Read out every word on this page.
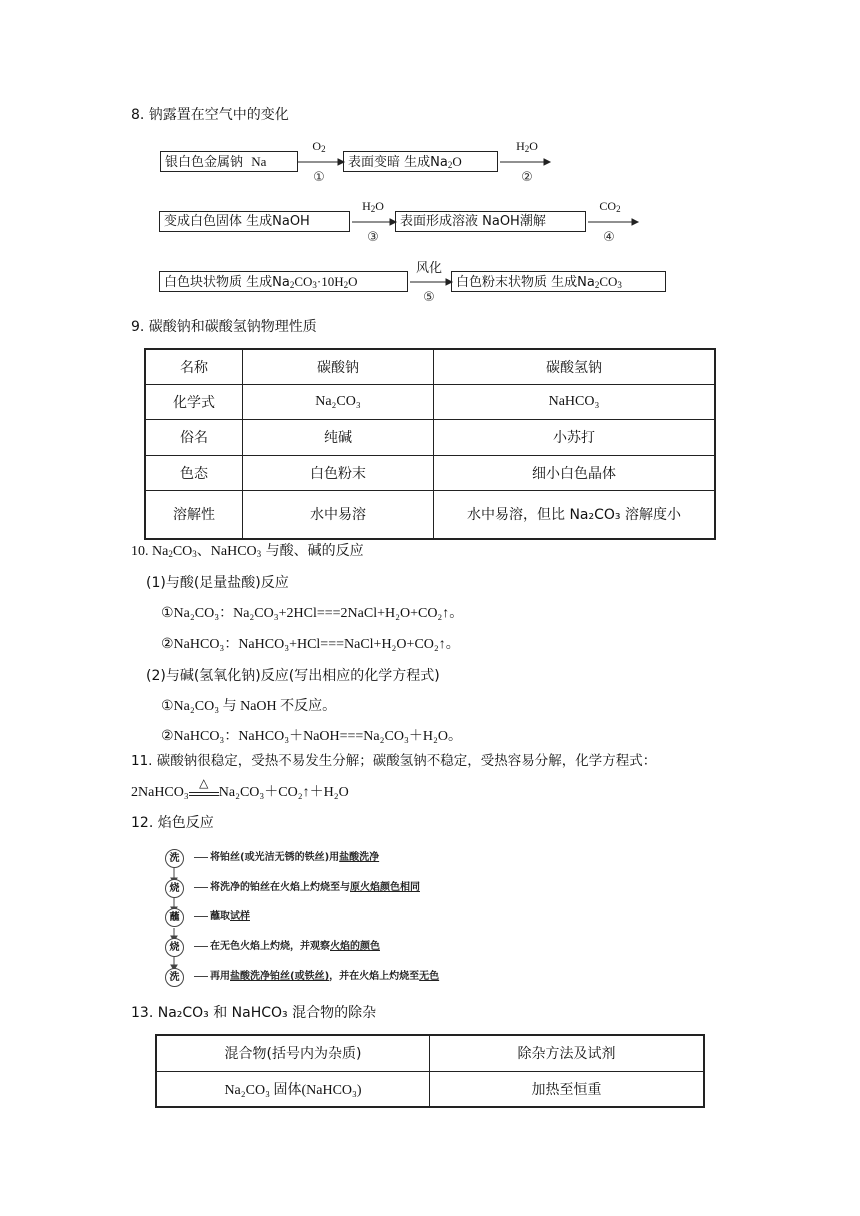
8. 钠露置在空气中的变化
银白色金属钠 Na
$O_2$
①
表面变暗 生成$Na_2O$
$H_2O$
②
变成白色固体 生成NaOH
$H_2O$
③
表面形成溶液 NaOH潮解
$CO_2$
④
白色块状物质 生成$Na_2CO_3\cdot 10H_2O$
风化
⑤
白色粉末状物质 生成$Na_2CO_3$
9. 碳酸钠和碳酸氢钠物理性质
名称	碳酸钠	碳酸氢钠
化学式	Na₂CO₃	NaHCO₃
俗名	纯碱	小苏打
色态	白色粉末	细小白色晶体
溶解性	水中易溶	水中易溶，但比 Na₂CO₃ 溶解度小
10. $Na_2CO_3$、NaHCO$_3$ 与酸、碱的反应
(1)与酸(足量盐酸)反应
①Na₂CO₃：Na₂CO₃+2HCl===2NaCl+H₂O+CO₂↑。
②NaHCO₃：NaHCO₃+HCl===NaCl+H₂O+CO₂↑。
(2)与碱(氢氧化钠)反应(写出相应的化学方程式)
①Na₂CO₃ 与 NaOH 不反应。
②NaHCO₃：NaHCO₃＋NaOH===Na₂CO₃＋H₂O。
11. 碳酸钠很稳定，受热不易发生分解；碳酸氢钠不稳定，受热容易分解，化学方程式：
2NaHCO₃
△
Na₂CO₃＋CO₂↑＋H₂O
12. 焰色反应
洗	将铂丝(或光洁无锈的铁丝)用盐酸洗净
烧	将洗净的铂丝在火焰上灼烧至与原火焰颜色相同
蘸	蘸取试样
烧	在无色火焰上灼烧，并观察火焰的颜色
洗	再用盐酸洗净铂丝(或铁丝)，并在火焰上灼烧至无色
13. Na₂CO₃ 和 NaHCO₃ 混合物的除杂
混合物(括号内为杂质)	除杂方法及试剂
Na₂CO₃ 固体(NaHCO₃)	加热至恒重
